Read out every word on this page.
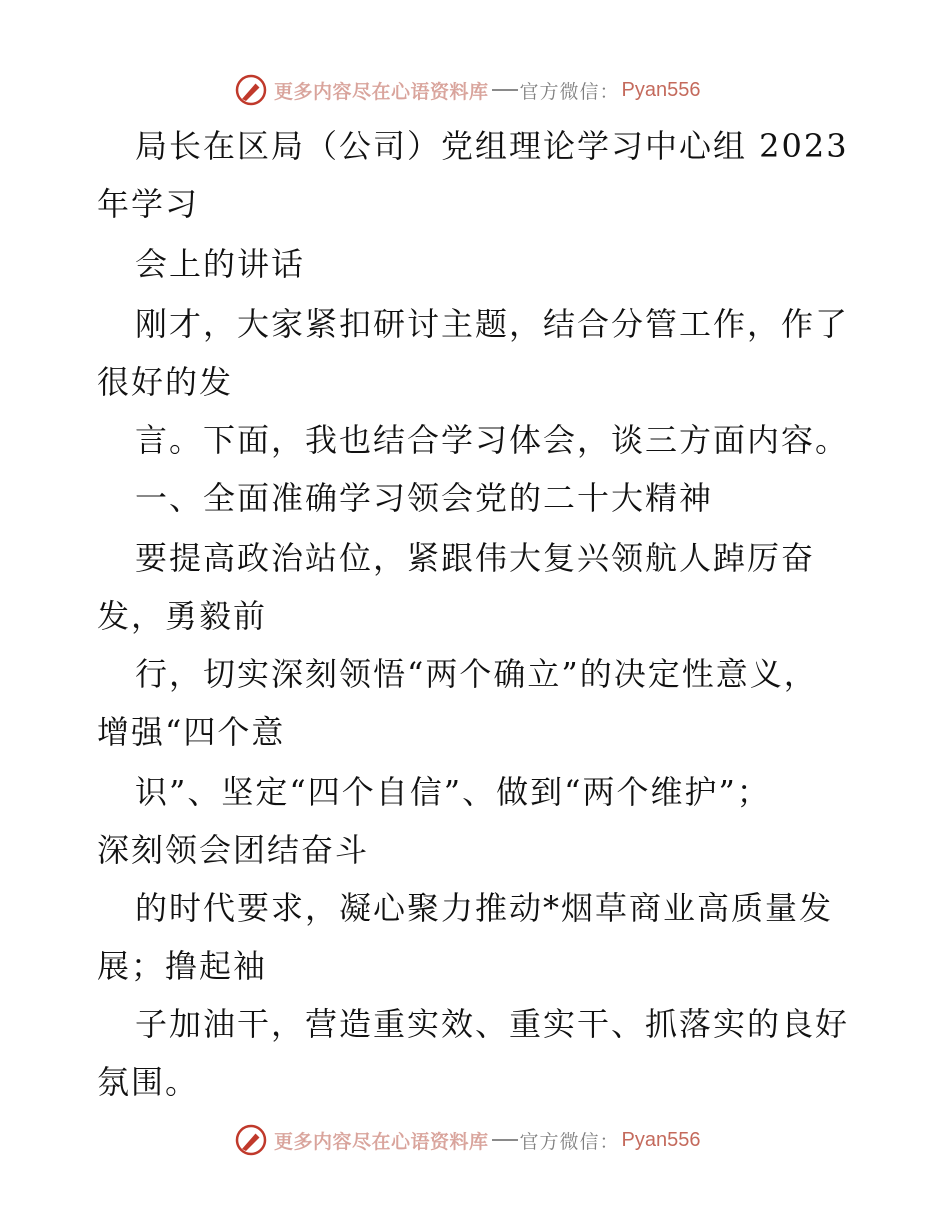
更多内容尽在心语资料库 官方微信： Pyan556
局长在区局（公司）党组理论学习中心组 2023
年学习
会上的讲话
刚才，大家紧扣研讨主题，结合分管工作，作了
很好的发
言。下面，我也结合学习体会，谈三方面内容。
一、全面准确学习领会党的二十大精神
要提高政治站位，紧跟伟大复兴领航人踔厉奋
发，勇毅前
行，切实深刻领悟“两个确立”的决定性意义，
增强“四个意
识”、坚定“四个自信”、做到“两个维护”；
深刻领会团结奋斗
的时代要求，凝心聚力推动*烟草商业高质量发
展；撸起袖
子加油干，营造重实效、重实干、抓落实的良好
氛围。
更多内容尽在心语资料库 官方微信： Pyan556
